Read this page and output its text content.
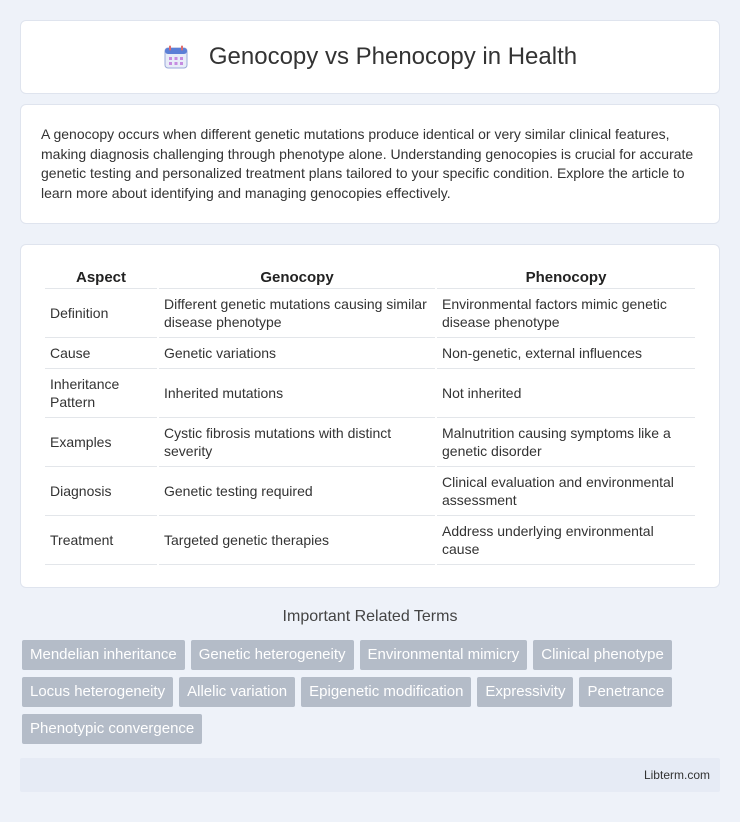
Genocopy vs Phenocopy in Health

A genocopy occurs when different genetic mutations produce identical or very similar clinical features, making diagnosis challenging through phenotype alone. Understanding genocopies is crucial for accurate genetic testing and personalized treatment plans tailored to your specific condition. Explore the article to learn more about identifying and managing genocopies effectively.

Aspect	Genocopy	Phenocopy
Definition	Different genetic mutations causing similar disease phenotype	Environmental factors mimic genetic disease phenotype
Cause	Genetic variations	Non-genetic, external influences
Inheritance Pattern	Inherited mutations	Not inherited
Examples	Cystic fibrosis mutations with distinct severity	Malnutrition causing symptoms like a genetic disorder
Diagnosis	Genetic testing required	Clinical evaluation and environmental assessment
Treatment	Targeted genetic therapies	Address underlying environmental cause
Important Related Terms
Mendelian inheritance	Genetic heterogeneity	Environmental mimicry	Clinical phenotype
Locus heterogeneity	Allelic variation	Epigenetic modification	Expressivity	Penetrance
Phenotypic convergence
Libterm.com
